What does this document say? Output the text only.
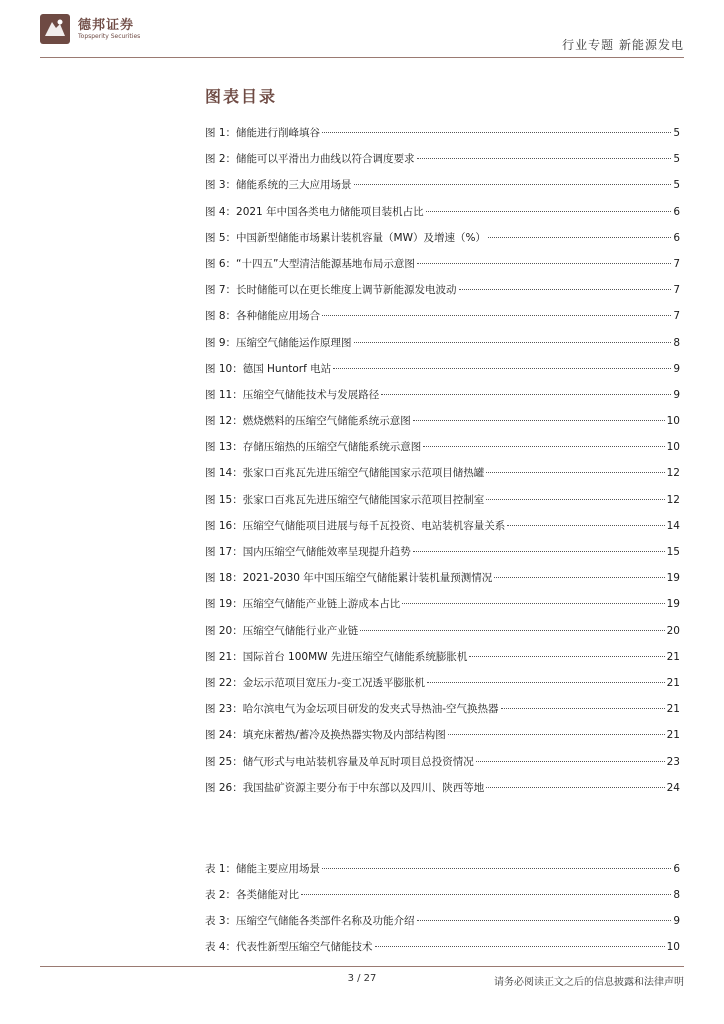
德邦证券
Topsperity Securities
行业专题 新能源发电
图表目录
图 1：储能进行削峰填谷	5
图 2：储能可以平滑出力曲线以符合调度要求	5
图 3：储能系统的三大应用场景	5
图 4：2021 年中国各类电力储能项目装机占比	6
图 5：中国新型储能市场累计装机容量（MW）及增速（%）	6
图 6：“十四五”大型清洁能源基地布局示意图	7
图 7：长时储能可以在更长维度上调节新能源发电波动	7
图 8：各种储能应用场合	7
图 9：压缩空气储能运作原理图	8
图 10：德国 Huntorf 电站	9
图 11：压缩空气储能技术与发展路径	9
图 12：燃烧燃料的压缩空气储能系统示意图	10
图 13：存储压缩热的压缩空气储能系统示意图	10
图 14：张家口百兆瓦先进压缩空气储能国家示范项目储热罐	12
图 15：张家口百兆瓦先进压缩空气储能国家示范项目控制室	12
图 16：压缩空气储能项目进展与每千瓦投资、电站装机容量关系	14
图 17：国内压缩空气储能效率呈现提升趋势	15
图 18：2021-2030 年中国压缩空气储能累计装机量预测情况	19
图 19：压缩空气储能产业链上游成本占比	19
图 20：压缩空气储能行业产业链	20
图 21：国际首台 100MW 先进压缩空气储能系统膨胀机	21
图 22：金坛示范项目宽压力-变工况透平膨胀机	21
图 23：哈尔滨电气为金坛项目研发的发夹式导热油-空气换热器	21
图 24：填充床蓄热/蓄冷及换热器实物及内部结构图	21
图 25：储气形式与电站装机容量及单瓦时项目总投资情况	23
图 26：我国盐矿资源主要分布于中东部以及四川、陕西等地	24
表 1：储能主要应用场景	6
表 2：各类储能对比	8
表 3：压缩空气储能各类部件名称及功能介绍	9
表 4：代表性新型压缩空气储能技术	10
3 / 27	请务必阅读正文之后的信息披露和法律声明
